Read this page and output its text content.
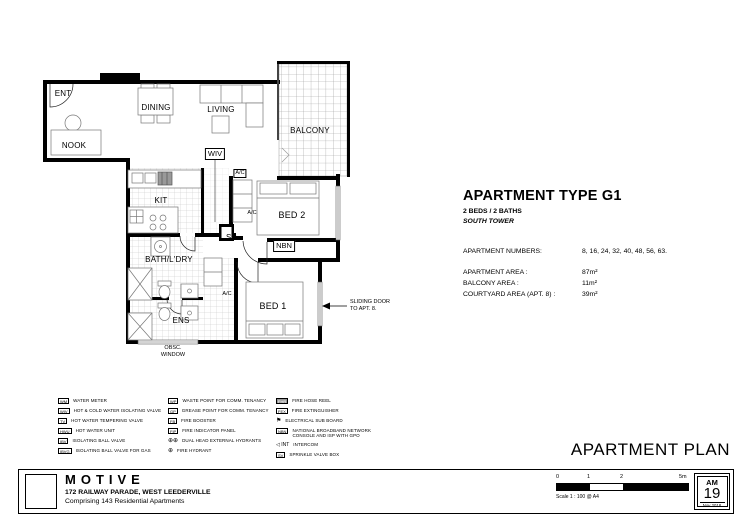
ENT
NOOK
DINING	LIVING
BALCONY
KIT
BATH/L'DRY
ENS
BED 1
BED 2
SB
WIV
NBN
A/C
A/C
A/C
OBSC.
WINDOW
SLIDING DOOR
TO APT. 8.
APARTMENT TYPE G1
2 BEDS / 2 BATHS
SOUTH TOWER
APARTMENT NUMBERS:	8, 16, 24, 32, 40, 48, 56, 63.
APARTMENT AREA :	87m²
BALCONY AREA :	11m²
COURTYARD AREA (APT. 8) :	39m²
WM	WATER METER
WIV	HOT & COLD WATER ISOLATING VALVE
TV	HOT WATER TEMPERING VALVE
HWU	HOT WATER UNIT
IBV	ISOLATING BALL VALVE
IBVG	ISOLATING BALL VALVE FOR GAS
WP	WASTE POINT FOR COMM. TENANCY
GP	GREASE POINT FOR COMM. TENANCY
FB	FIRE BOOSTER
FIP	FIRE INDICATOR PANEL
⊕⊕ DUAL HEAD EXTERNAL HYDRANTS
⊕ FIRE HYDRANT
FHR	FIRE HOSE REEL
FEX	FIRE EXTINGUISHER
⚑ ELECTRICAL SUB BOARD
NBN	NATIONAL BROADBAND NETWORK CONSOLE AND ISP WITH GPO
◁ INT INTERCOM
SV	SPRINKLE VALVE BOX	APARTMENT PLAN
MOTIVE
172 RAILWAY PARADE, WEST LEEDERVILLE
Comprising 143 Residential Apartments
0	1	2	5m
Scale 1 : 100 @ A4
AM
19
Nov 2018
